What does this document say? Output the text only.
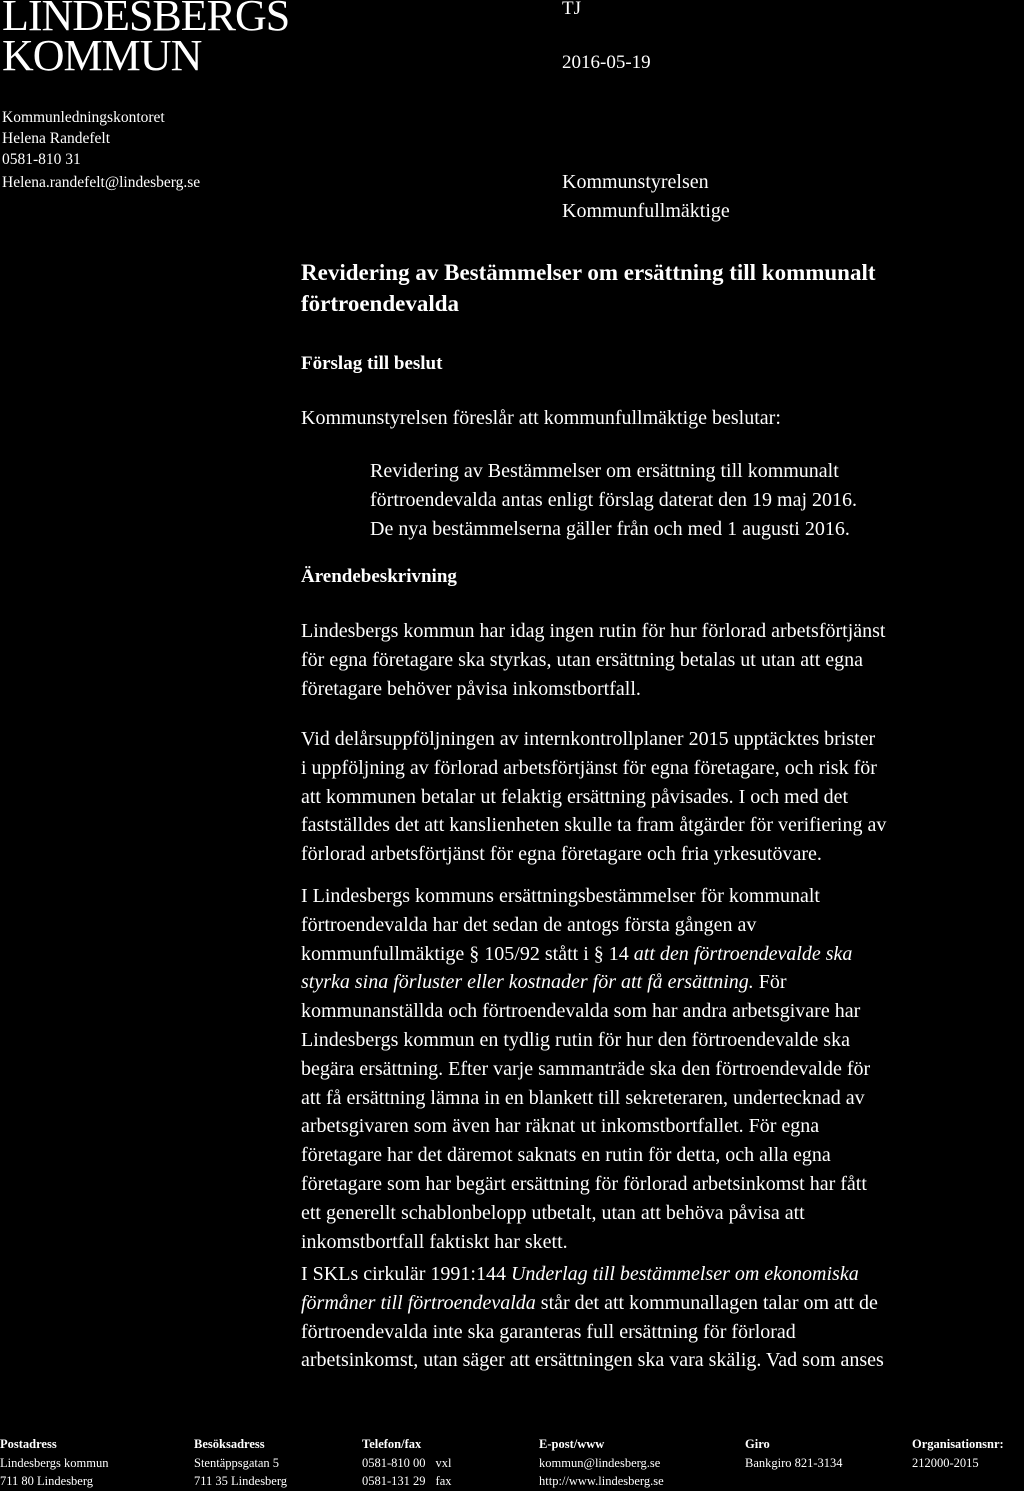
LINDESBERGS
KOMMUN
TJ
2016-05-19
Kommunledningskontoret
Helena Randefelt
0581-810 31
Helena.randefelt@lindesberg.se	Kommunstyrelsen
Kommunfullmäktige
Revidering av Bestämmelser om ersättning till kommunalt
förtroendevalda
Förslag till beslut
Kommunstyrelsen föreslår att kommunfullmäktige beslutar:

Revidering av Bestämmelser om ersättning till kommunalt

förtroendevalda antas enligt förslag daterat den 19 maj 2016.

De nya bestämmelserna gäller från och med 1 augusti 2016.

Ärendebeskrivning

Lindesbergs kommun har idag ingen rutin för hur förlorad arbetsförtjänst

för egna företagare ska styrkas, utan ersättning betalas ut utan att egna

företagare behöver påvisa inkomstbortfall.

Vid delårsuppföljningen av internkontrollplaner 2015 upptäcktes brister

i uppföljning av förlorad arbetsförtjänst för egna företagare, och risk för

att kommunen betalar ut felaktig ersättning påvisades. I och med det

fastställdes det att kanslienheten skulle ta fram åtgärder för verifiering av

förlorad arbetsförtjänst för egna företagare och fria yrkesutövare.

I Lindesbergs kommuns ersättningsbestämmelser för kommunalt

förtroendevalda har det sedan de antogs första gången av

kommunfullmäktige § 105/92 stått i § 14 att den förtroendevalde ska

styrka sina förluster eller kostnader för att få ersättning. För

kommunanställda och förtroendevalda som har andra arbetsgivare har

Lindesbergs kommun en tydlig rutin för hur den förtroendevalde ska

begära ersättning. Efter varje sammanträde ska den förtroendevalde för

att få ersättning lämna in en blankett till sekreteraren, undertecknad av

arbetsgivaren som även har räknat ut inkomstbortfallet. För egna

företagare har det däremot saknats en rutin för detta, och alla egna

företagare som har begärt ersättning för förlorad arbetsinkomst har fått

ett generellt schablonbelopp utbetalt, utan att behöva påvisa att

inkomstbortfall faktiskt har skett.

I SKLs cirkulär 1991:144 Underlag till bestämmelser om ekonomiska

förmåner till förtroendevalda står det att kommunallagen talar om att de

förtroendevalda inte ska garanteras full ersättning för förlorad

arbetsinkomst, utan säger att ersättningen ska vara skälig. Vad som anses

Postadress
Lindesbergs kommun
711 80 Lindesberg
Besöksadress
Stentäppsgatan 5
711 35 Lindesberg
Telefon/fax
0581-810 00 vxl
0581-131 29 fax
E-post/www
kommun@lindesberg.se
http://www.lindesberg.se
Giro
Bankgiro 821-3134
Organisationsnr:
212000-2015
